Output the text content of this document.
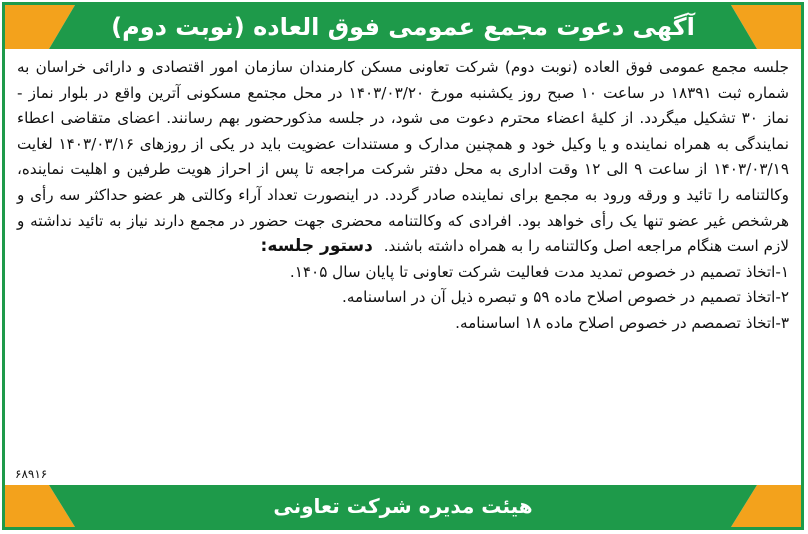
آگهی دعوت مجمع عمومی فوق العاده (نوبت دوم)

جلسه مجمع عمومی فوق العاده (نوبت دوم) شرکت تعاونی مسکن کارمندان سازمان امور اقتصادی و دارائی خراسان به شماره ثبت ۱۸۳۹۱ در ساعت ۱۰ صبح روز یکشنبه مورخ ۱۴۰۳/۰۳/۲۰ در محل مجتمع مسکونی آترین واقع در بلوار نماز - نماز ۳۰ تشکیل میگردد. از کلیهٔ اعضاء محترم دعوت می شود، در جلسه مذکورحضور بهم رسانند. اعضای متقاضی اعطاء نمایندگی به همراه نماینده و یا وکیل خود و همچنین مدارک و مستندات عضویت باید در یکی از روزهای ۱۴۰۳/۰۳/۱۶ لغایت ۱۴۰۳/۰۳/۱۹ از ساعت ۹ الی ۱۲ وقت اداری به محل دفتر شرکت مراجعه تا پس از احراز هویت طرفین و اهلیت نماینده، وکالتنامه را تائید و ورقه ورود به مجمع برای نماینده صادر گردد. در اینصورت تعداد آراء وکالتی هر عضو حداکثر سه رأی و هرشخص غیر عضو تنها یک رأی خواهد بود. افرادی که وکالتنامه محضری جهت حضور در مجمع دارند نیاز به تائید نداشته و لازم است هنگام مراجعه اصل وکالتنامه را به همراه داشته باشند. دستور جلسه:

۱-اتخاذ تصمیم در خصوص تمدید مدت فعالیت شرکت تعاونی تا پایان سال ۱۴۰۵.
۲-اتخاذ تصمیم در خصوص اصلاح ماده ۵۹ و تبصره ذیل آن در اساسنامه.
۳-اتخاذ تصمصم در خصوص اصلاح ماده ۱۸ اساسنامه.
۶۸۹۱۶
هیئت مدیره شرکت تعاونی
